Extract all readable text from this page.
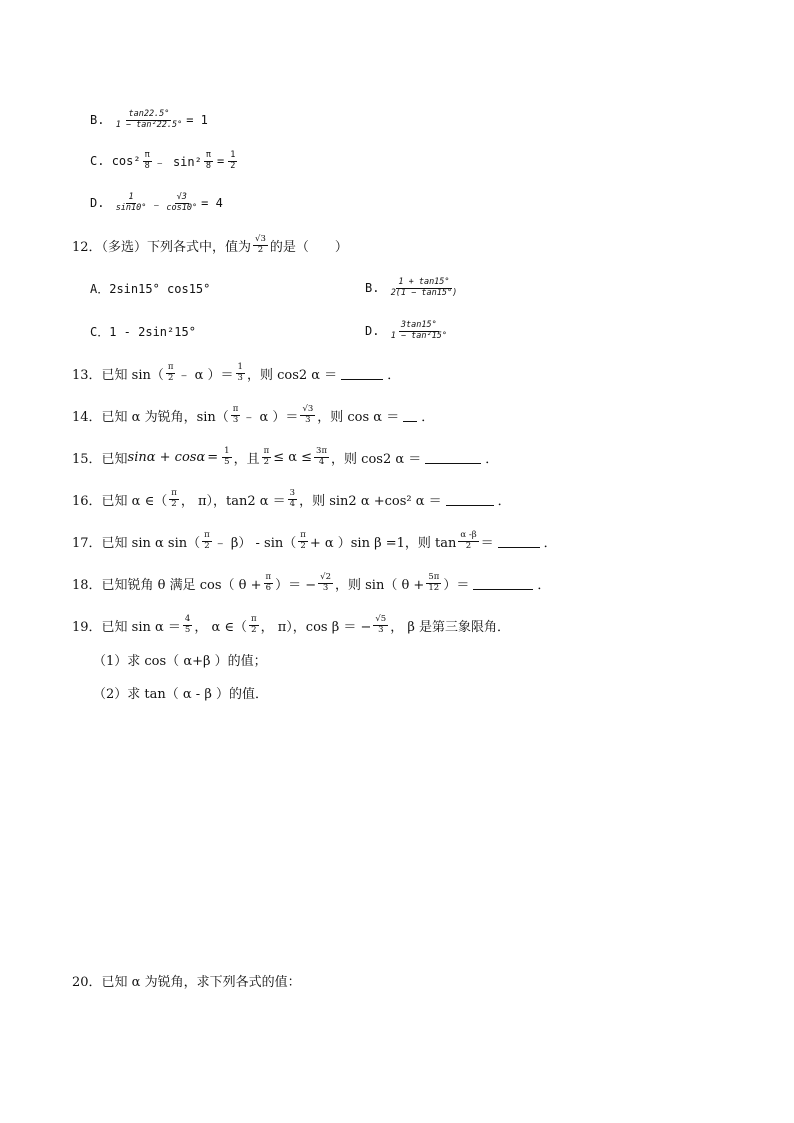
B.
$\frac{\tan 22.5^\circ}{\text{1 − tan²22.5°}} = 1$
C.
$\cos^2 \frac{\pi}{8}$ ﹣ $\sin^2 \frac{\pi}{8} = \frac{1}{2}$
D.
$\frac{1}{\sin 10^\circ}$ ﹣ $\frac{√3}{\cos 10^\circ} = 4$
12．（多选）下列各式中，值为 $\frac{√3}{2}$ 的是（　　）
A．2sin15° cos15°	B.
$\frac{1 + \tan 15^\circ}{2(1 - \tan 15^\circ)}$
C．1 - 2sin²15°	D.
$\frac{3\tan 15^\circ}{\text{1 − tan²15°}}$
13．已知 $\sin( \frac{\pi}{2}$ ﹣ α ）＝ $\frac{1}{3}$ ，则 cos2 α ＝	．
14．已知 α 为锐角，$\sin( \frac{\pi}{3}$ ﹣ α ）＝ $\frac{√3}{3}$ ，则 cos α ＝ ．
15．已知 $\sin\alpha + \cos\alpha = \frac{1}{5}$ ，且 $\frac{\pi}{2} \le \alpha \le \frac{3\pi}{4}$ ，则 cos2 α ＝	．
16．已知 α ∈（ $\frac{\pi}{2}$ ， π），tan2 $\alpha = \frac{3}{4}$ ，则 sin2 α +cos² α ＝	．
17．已知 sin α $\sin( \frac{\pi}{2}$ ﹣ $\beta) - \sin( \frac{\pi}{2} + \alpha$ ）sin β =1，则 $\tan \frac{\alpha -\beta}{2}$ ＝	．
18．已知锐角 θ 满足 cos（ $\theta + \frac{\pi}{6}$ ）＝ − $\frac{√2}{3}$ ，则 sin（ $\theta + \frac{5\pi}{12}$ ）＝	．
19．已知 $\sin \alpha = \frac{4}{5}$ ， α ∈（ $\frac{\pi}{2}$ ， π），cos β ＝ − $\frac{√5}{3}$ ， β 是第三象限角．
（1）求 cos（ α+β ）的值；
（2）求 tan（ α - β ）的值．
20．已知 α 为锐角，求下列各式的值：
